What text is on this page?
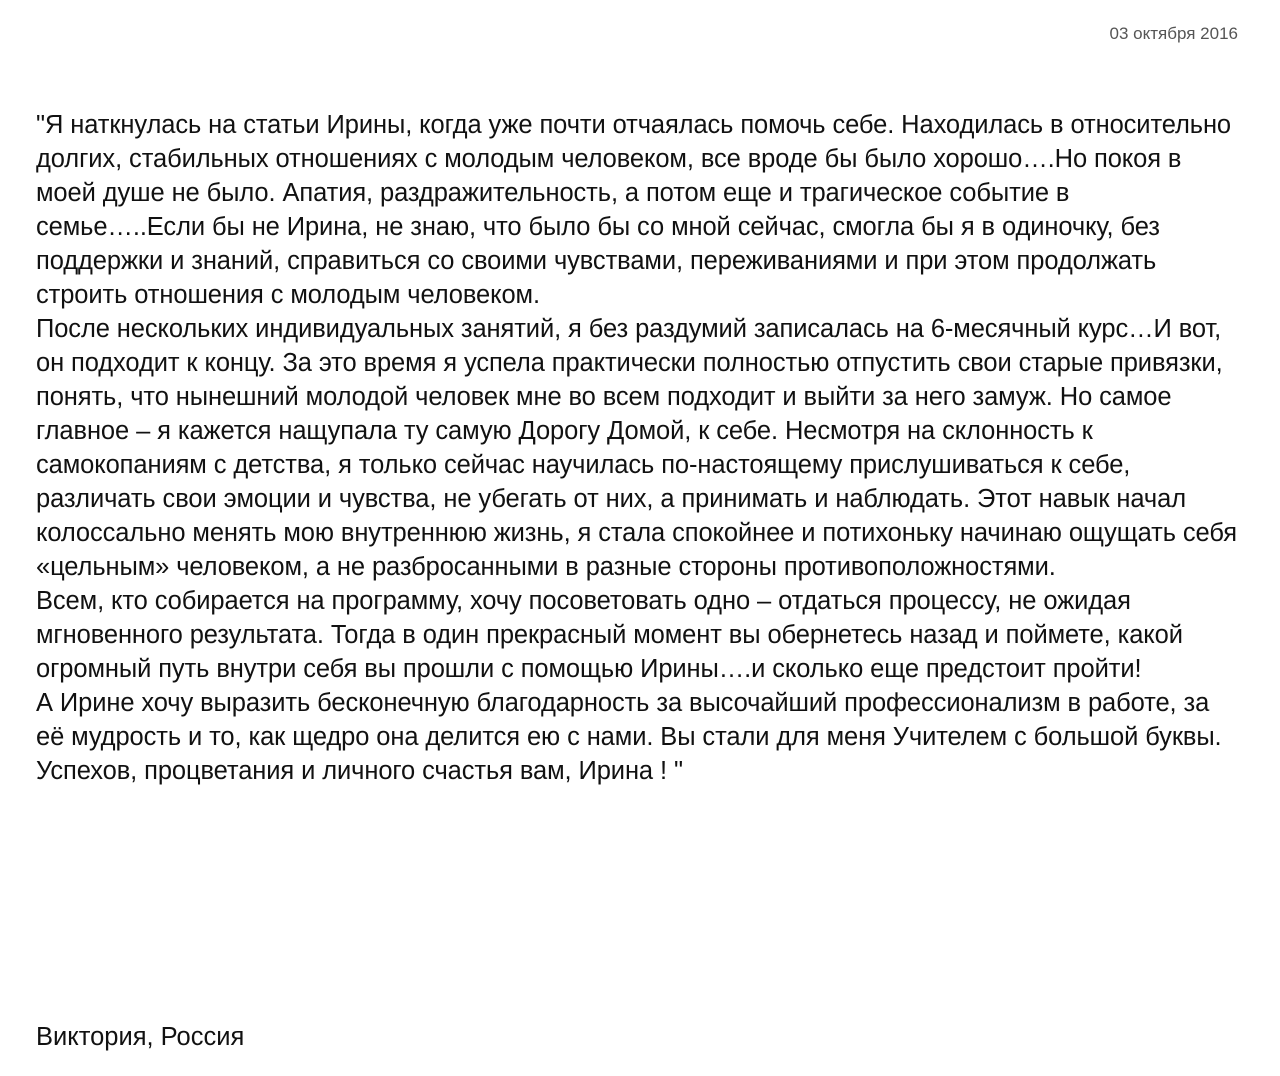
03 октября 2016

"Я наткнулась на статьи Ирины, когда уже почти отчаялась помочь себе. Находилась в относительно долгих, стабильных отношениях с молодым человеком, все вроде бы было хорошо….Но покоя в моей душе не было. Апатия, раздражительность, а потом еще и трагическое событие в семье…..Если бы не Ирина, не знаю, что было бы со мной сейчас, смогла бы я в одиночку, без поддержки и знаний, справиться со своими чувствами, переживаниями и при этом продолжать строить отношения с молодым человеком.

После нескольких индивидуальных занятий, я без раздумий записалась на 6-месячный курс…И вот, он подходит к концу. За это время я успела практически полностью отпустить свои старые привязки, понять, что нынешний молодой человек мне во всем подходит и выйти за него замуж. Но самое главное – я кажется нащупала ту самую Дорогу Домой, к себе. Несмотря на склонность к самокопаниям с детства, я только сейчас научилась по-настоящему прислушиваться к себе, различать свои эмоции и чувства, не убегать от них, а принимать и наблюдать. Этот навык начал колоссально менять мою внутреннюю жизнь, я стала спокойнее и потихоньку начинаю ощущать себя «цельным» человеком, а не разбросанными в разные стороны противоположностями.

Всем, кто собирается на программу, хочу посоветовать одно – отдаться процессу, не ожидая мгновенного результата. Тогда в один прекрасный момент вы обернетесь назад и поймете, какой огромный путь внутри себя вы прошли с помощью Ирины….и сколько еще предстоит пройти!

А Ирине хочу выразить бесконечную благодарность за высочайший профессионализм в работе, за её мудрость и то, как щедро она делится ею с нами. Вы стали для меня Учителем с большой буквы. Успехов, процветания и личного счастья вам, Ирина ! "

Виктория, Россия
